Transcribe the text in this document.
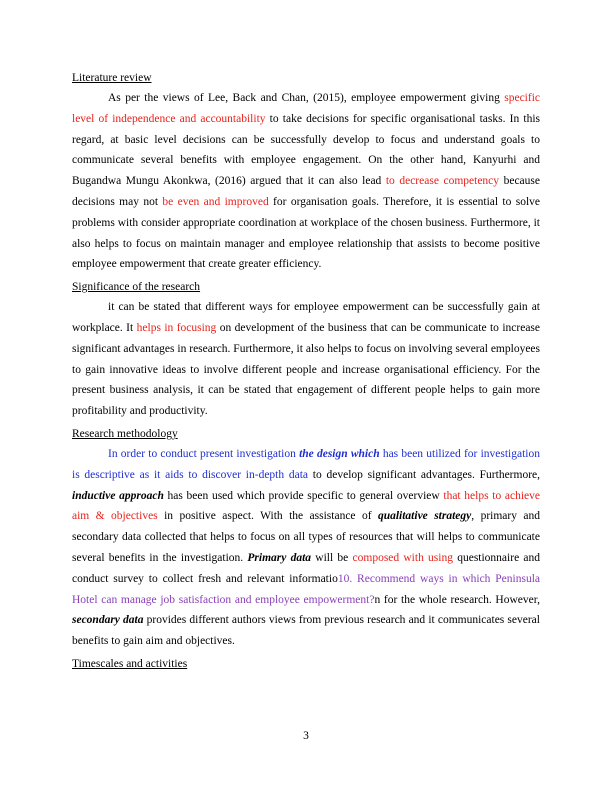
Literature review

As per the views of Lee, Back and Chan, (2015), employee empowerment giving specific level of independence and accountability to take decisions for specific organisational tasks. In this regard, at basic level decisions can be successfully develop to focus and understand goals to communicate several benefits with employee engagement. On the other hand, Kanyurhi and Bugandwa Mungu Akonkwa, (2016) argued that it can also lead to decrease competency because decisions may not be even and improved for organisation goals. Therefore, it is essential to solve problems with consider appropriate coordination at workplace of the chosen business. Furthermore, it also helps to focus on maintain manager and employee relationship that assists to become positive employee empowerment that create greater efficiency.

Significance of the research

it can be stated that different ways for employee empowerment can be successfully gain at workplace. It helps in focusing on development of the business that can be communicate to increase significant advantages in research. Furthermore, it also helps to focus on involving several employees to gain innovative ideas to involve different people and increase organisational efficiency. For the present business analysis, it can be stated that engagement of different people helps to gain more profitability and productivity.

Research methodology

In order to conduct present investigation the design which has been utilized for investigation is descriptive as it aids to discover in-depth data to develop significant advantages. Furthermore, inductive approach has been used which provide specific to general overview that helps to achieve aim & objectives in positive aspect. With the assistance of qualitative strategy, primary and secondary data collected that helps to focus on all types of resources that will helps to communicate several benefits in the investigation. Primary data will be composed with using questionnaire and conduct survey to collect fresh and relevant informatio10. Recommend ways in which Peninsula Hotel can manage job satisfaction and employee empowerment?n for the whole research. However, secondary data provides different authors views from previous research and it communicates several benefits to gain aim and objectives.

Timescales and activities
3
